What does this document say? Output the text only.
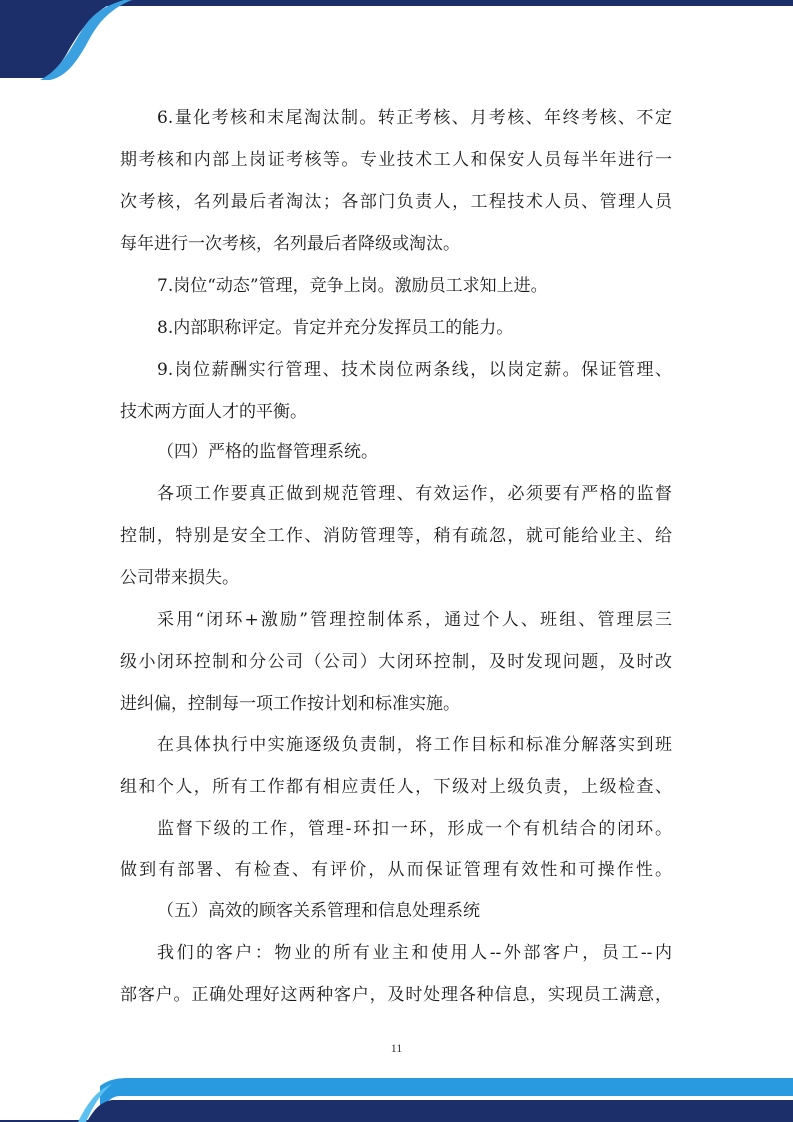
6.量化考核和末尾淘汰制。转正考核、月考核、年终考核、不定
期考核和内部上岗证考核等。专业技术工人和保安人员每半年进行一
次考核，名列最后者淘汰；各部门负责人，工程技术人员、管理人员
每年进行一次考核，名列最后者降级或淘汰。
7.岗位“动态”管理，竞争上岗。激励员工求知上进。
8.内部职称评定。肯定并充分发挥员工的能力。
9.岗位薪酬实行管理、技术岗位两条线，以岗定薪。保证管理、
技术两方面人才的平衡。
（四）严格的监督管理系统。
各项工作要真正做到规范管理、有效运作，必须要有严格的监督
控制，特别是安全工作、消防管理等，稍有疏忽，就可能给业主、给
公司带来损失。
采用“闭环+激励”管理控制体系，通过个人、班组、管理层三
级小闭环控制和分公司（公司）大闭环控制，及时发现问题，及时改
进纠偏，控制每一项工作按计划和标准实施。
在具体执行中实施逐级负责制，将工作目标和标准分解落实到班
组和个人，所有工作都有相应责任人，下级对上级负责，上级检查、
监督下级的工作，管理-环扣一环，形成一个有机结合的闭环。
做到有部署、有检查、有评价，从而保证管理有效性和可操作性。
（五）高效的顾客关系管理和信息处理系统
我们的客户：物业的所有业主和使用人--外部客户，员工--内
部客户。正确处理好这两种客户，及时处理各种信息，实现员工满意，
11
